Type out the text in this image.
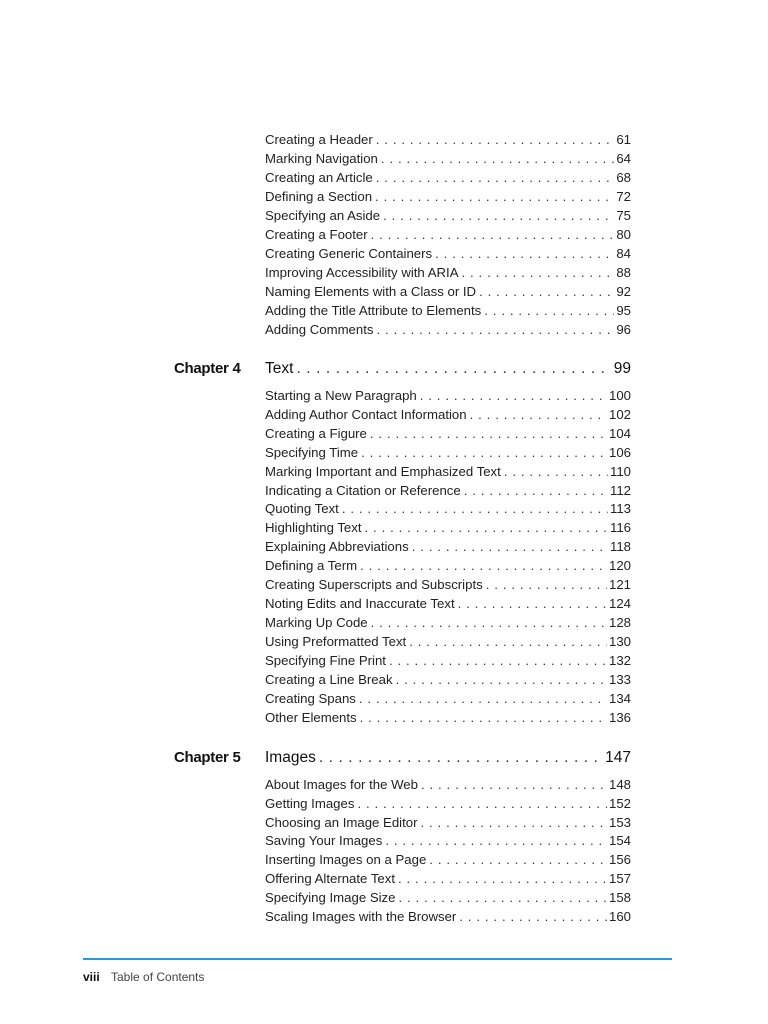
Creating a Header . . .	61
Marking Navigation . . .	64
Creating an Article . . .	68
Defining a Section . . .	72
Specifying an Aside . . .	75
Creating a Footer . . .	80
Creating Generic Containers . . .	84
Improving Accessibility with ARIA . . .	88
Naming Elements with a Class or ID . . .	92
Adding the Title Attribute to Elements . . .	95
Adding Comments . . .	96
Chapter 4 Text . . .	99
Starting a New Paragraph . . .	100
Adding Author Contact Information . . .	102
Creating a Figure . . .	104
Specifying Time . . .	106
Marking Important and Emphasized Text . . .	110
Indicating a Citation or Reference . . .	112
Quoting Text . . .	113
Highlighting Text . . .	116
Explaining Abbreviations . . .	118
Defining a Term . . .	120
Creating Superscripts and Subscripts . . .	121
Noting Edits and Inaccurate Text . . .	124
Marking Up Code . . .	128
Using Preformatted Text . . .	130
Specifying Fine Print . . .	132
Creating a Line Break . . .	133
Creating Spans . . .	134
Other Elements . . .	136
Chapter 5 Images . . .	147
About Images for the Web . . .	148
Getting Images . . .	152
Choosing an Image Editor . . .	153
Saving Your Images . . .	154
Inserting Images on a Page . . .	156
Offering Alternate Text . . .	157
Specifying Image Size . . .	158
Scaling Images with the Browser . . .	160
viii Table of Contents
